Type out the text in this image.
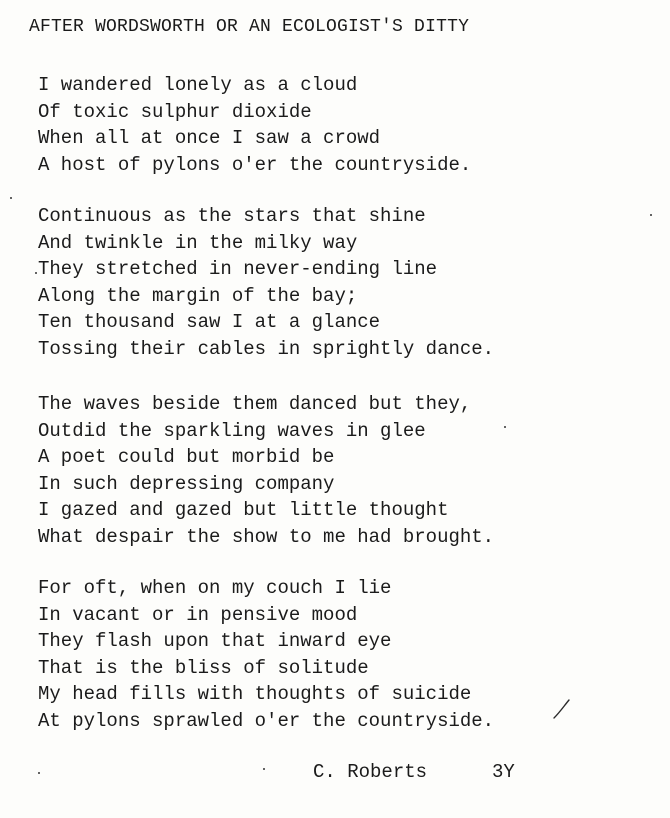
AFTER WORDSWORTH OR AN ECOLOGIST'S DITTY
I wandered lonely as a cloud
Of toxic sulphur dioxide
When all at once I saw a crowd
A host of pylons o'er the countryside.
Continuous as the stars that shine
And twinkle in the milky way
They stretched in never-ending line
Along the margin of the bay;
Ten thousand saw I at a glance
Tossing their cables in sprightly dance.
The waves beside them danced but they,
Outdid the sparkling waves in glee
A poet could but morbid be
In such depressing company
I gazed and gazed but little thought
What despair the show to me had brought.
For oft, when on my couch I lie
In vacant or in pensive mood
They flash upon that inward eye
That is the bliss of solitude
My head fills with thoughts of suicide
At pylons sprawled o'er the countryside.
C. Roberts	3Y
